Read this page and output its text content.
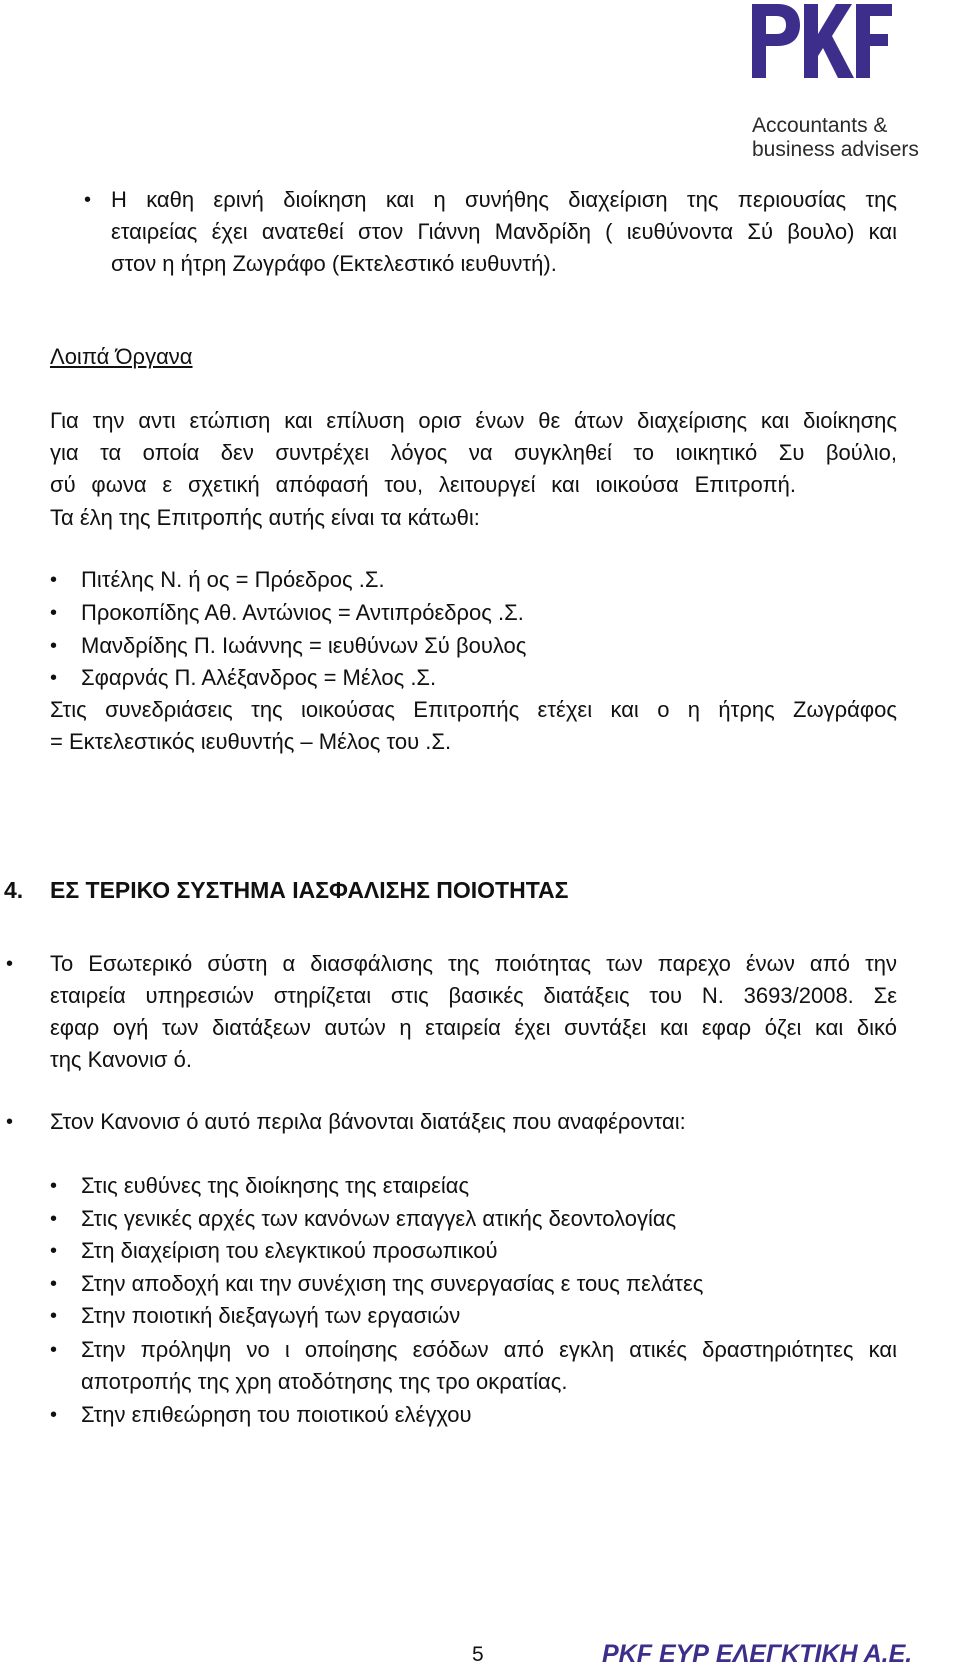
Accountants &
business advisers
• Η καθη ερινή διοίκηση και η συνήθης διαχείριση της περιουσίας της
εταιρείας έχει ανατεθεί στον Γιάννη Μανδρίδη ( ιευθύνοντα Σύ βουλο) και
στον η ήτρη Ζωγράφο (Εκτελεστικό ιευθυντή).
Λοιπά Όργανα
Για την αντι ετώπιση και επίλυση ορισ ένων θε άτων διαχείρισης και διοίκησης
για τα οποία δεν συντρέχει λόγος να συγκληθεί το ιοικητικό Συ βούλιο,
σύ φωνα ε σχετική απόφασή του, λειτουργεί και ιοικούσα Επιτροπή.
Τα έλη της Επιτροπής αυτής είναι τα κάτωθι:
• Πιτέλης Ν. ή ος = Πρόεδρος .Σ.
• Προκοπίδης Αθ. Αντώνιος = Αντιπρόεδρος .Σ.
• Μανδρίδης Π. Ιωάννης = ιευθύνων Σύ βουλος
• Σφαρνάς Π. Αλέξανδρος = Μέλος .Σ.
Στις συνεδριάσεις της ιοικούσας Επιτροπής ετέχει και ο η ήτρης Ζωγράφος
= Εκτελεστικός ιευθυντής – Μέλος του .Σ.
4. ΕΣ ΤΕΡΙΚΟ ΣΥΣΤΗΜΑ ΙΑΣΦΑΛΙΣΗΣ ΠΟΙΟΤΗΤΑΣ
• Το Εσωτερικό σύστη α διασφάλισης της ποιότητας των παρεχο ένων από την
εταιρεία υπηρεσιών στηρίζεται στις βασικές διατάξεις του Ν. 3693/2008. Σε
εφαρ ογή των διατάξεων αυτών η εταιρεία έχει συντάξει και εφαρ όζει και δικό
της Κανονισ ό.
• Στον Κανονισ ό αυτό περιλα βάνονται διατάξεις που αναφέρονται:
• Στις ευθύνες της διοίκησης της εταιρείας
• Στις γενικές αρχές των κανόνων επαγγελ ατικής δεοντολογίας
• Στη διαχείριση του ελεγκτικού προσωπικού
• Στην αποδοχή και την συνέχιση της συνεργασίας ε τους πελάτες
• Στην ποιοτική διεξαγωγή των εργασιών
• Στην πρόληψη νο ι οποίησης εσόδων από εγκλη ατικές δραστηριότητες και
αποτροπής της χρη ατοδότησης της τρο οκρατίας.
• Στην επιθεώρηση του ποιοτικού ελέγχου
5	PKF ΕΥΡ ΕΛΕΓΚΤΙΚΗ Α.Ε.
